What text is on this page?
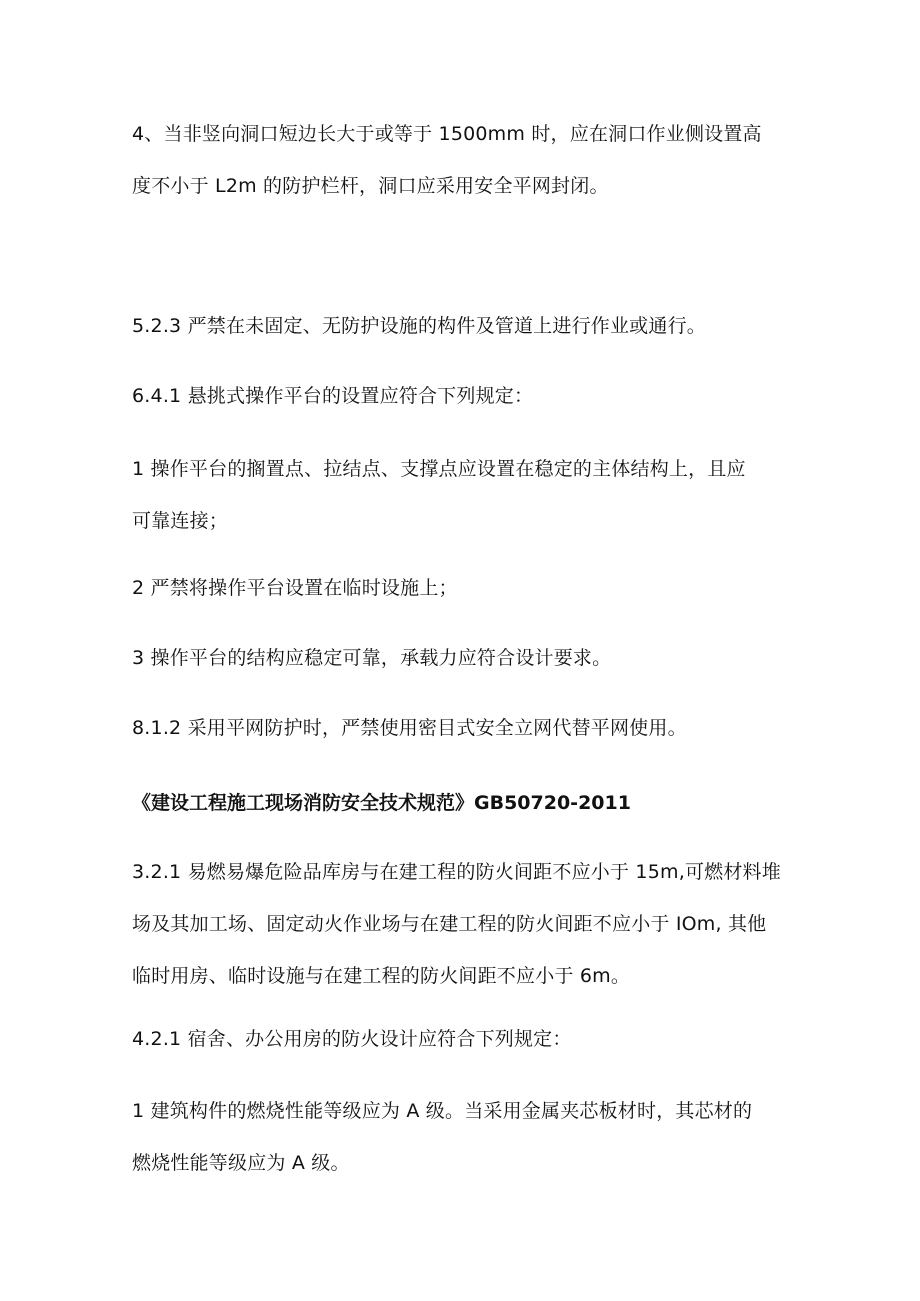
4、当非竖向洞口短边长大于或等于 1500mm 时，应在洞口作业侧设置高
度不小于 L2m 的防护栏杆，洞口应采用安全平网封闭。
5.2.3 严禁在未固定、无防护设施的构件及管道上进行作业或通行。
6.4.1 悬挑式操作平台的设置应符合下列规定：
1 操作平台的搁置点、拉结点、支撑点应设置在稳定的主体结构上，且应
可靠连接；
2 严禁将操作平台设置在临时设施上；
3 操作平台的结构应稳定可靠，承载力应符合设计要求。
8.1.2 采用平网防护时，严禁使用密目式安全立网代替平网使用。
《建设工程施工现场消防安全技术规范》GB50720-2011
3.2.1 易燃易爆危险品库房与在建工程的防火间距不应小于 15m,可燃材料堆
场及其加工场、固定动火作业场与在建工程的防火间距不应小于 IOm, 其他
临时用房、临时设施与在建工程的防火间距不应小于 6m。
4.2.1 宿舍、办公用房的防火设计应符合下列规定：
1 建筑构件的燃烧性能等级应为 A 级。当采用金属夹芯板材时，其芯材的
燃烧性能等级应为 A 级。
